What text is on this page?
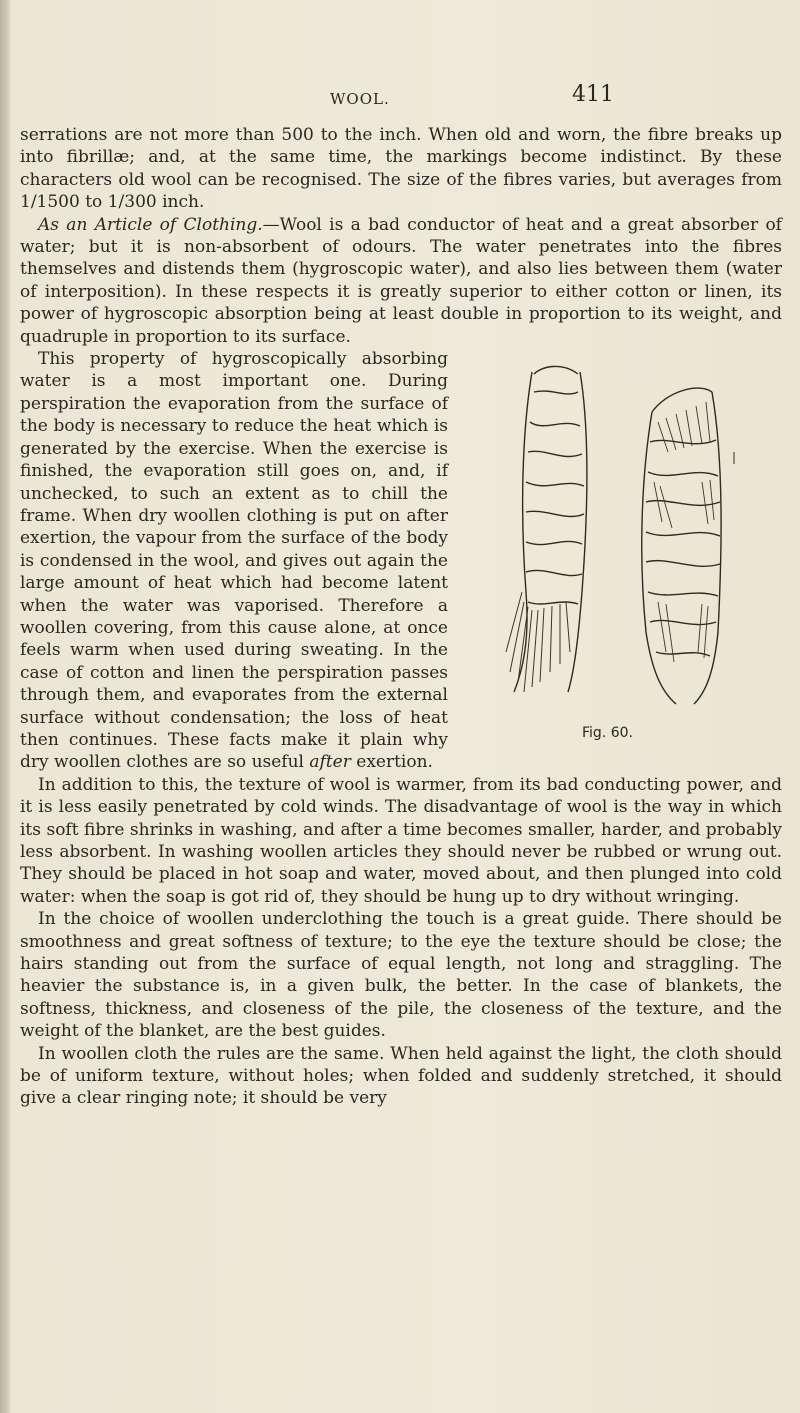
WOOL.	411

serrations are not more than 500 to the inch. When old and worn, the fibre breaks up into fibrillæ; and, at the same time, the markings become indistinct. By these characters old wool can be recognised. The size of the fibres varies, but averages from 1/1500 to 1/300 inch.

As an Article of Clothing.—Wool is a bad conductor of heat and a great absorber of water; but it is non-absorbent of odours. The water penetrates into the fibres themselves and distends them (hygroscopic water), and also lies between them (water of interposition). In these respects it is greatly superior to either cotton or linen, its power of hygroscopic absorption being at least double in proportion to its weight, and quadruple in proportion to its surface.

Fig. 60.

This property of hygroscopically absorbing water is a most important one. During perspiration the evaporation from the surface of the body is necessary to reduce the heat which is generated by the exercise. When the exercise is finished, the evaporation still goes on, and, if unchecked, to such an extent as to chill the frame. When dry woollen clothing is put on after exertion, the vapour from the surface of the body is condensed in the wool, and gives out again the large amount of heat which had become latent when the water was vaporised. Therefore a woollen covering, from this cause alone, at once feels warm when used during sweating. In the case of cotton and linen the perspiration passes through them, and evaporates from the external surface without condensation; the loss of heat then continues. These facts make it plain why dry woollen clothes are so useful after exertion.

In addition to this, the texture of wool is warmer, from its bad conducting power, and it is less easily penetrated by cold winds. The disadvantage of wool is the way in which its soft fibre shrinks in washing, and after a time becomes smaller, harder, and probably less absorbent. In washing woollen articles they should never be rubbed or wrung out. They should be placed in hot soap and water, moved about, and then plunged into cold water: when the soap is got rid of, they should be hung up to dry without wringing.

In the choice of woollen underclothing the touch is a great guide. There should be smoothness and great softness of texture; to the eye the texture should be close; the hairs standing out from the surface of equal length, not long and straggling. The heavier the substance is, in a given bulk, the better. In the case of blankets, the softness, thickness, and closeness of the pile, the closeness of the texture, and the weight of the blanket, are the best guides.

In woollen cloth the rules are the same. When held against the light, the cloth should be of uniform texture, without holes; when folded and suddenly stretched, it should give a clear ringing note; it should be very
